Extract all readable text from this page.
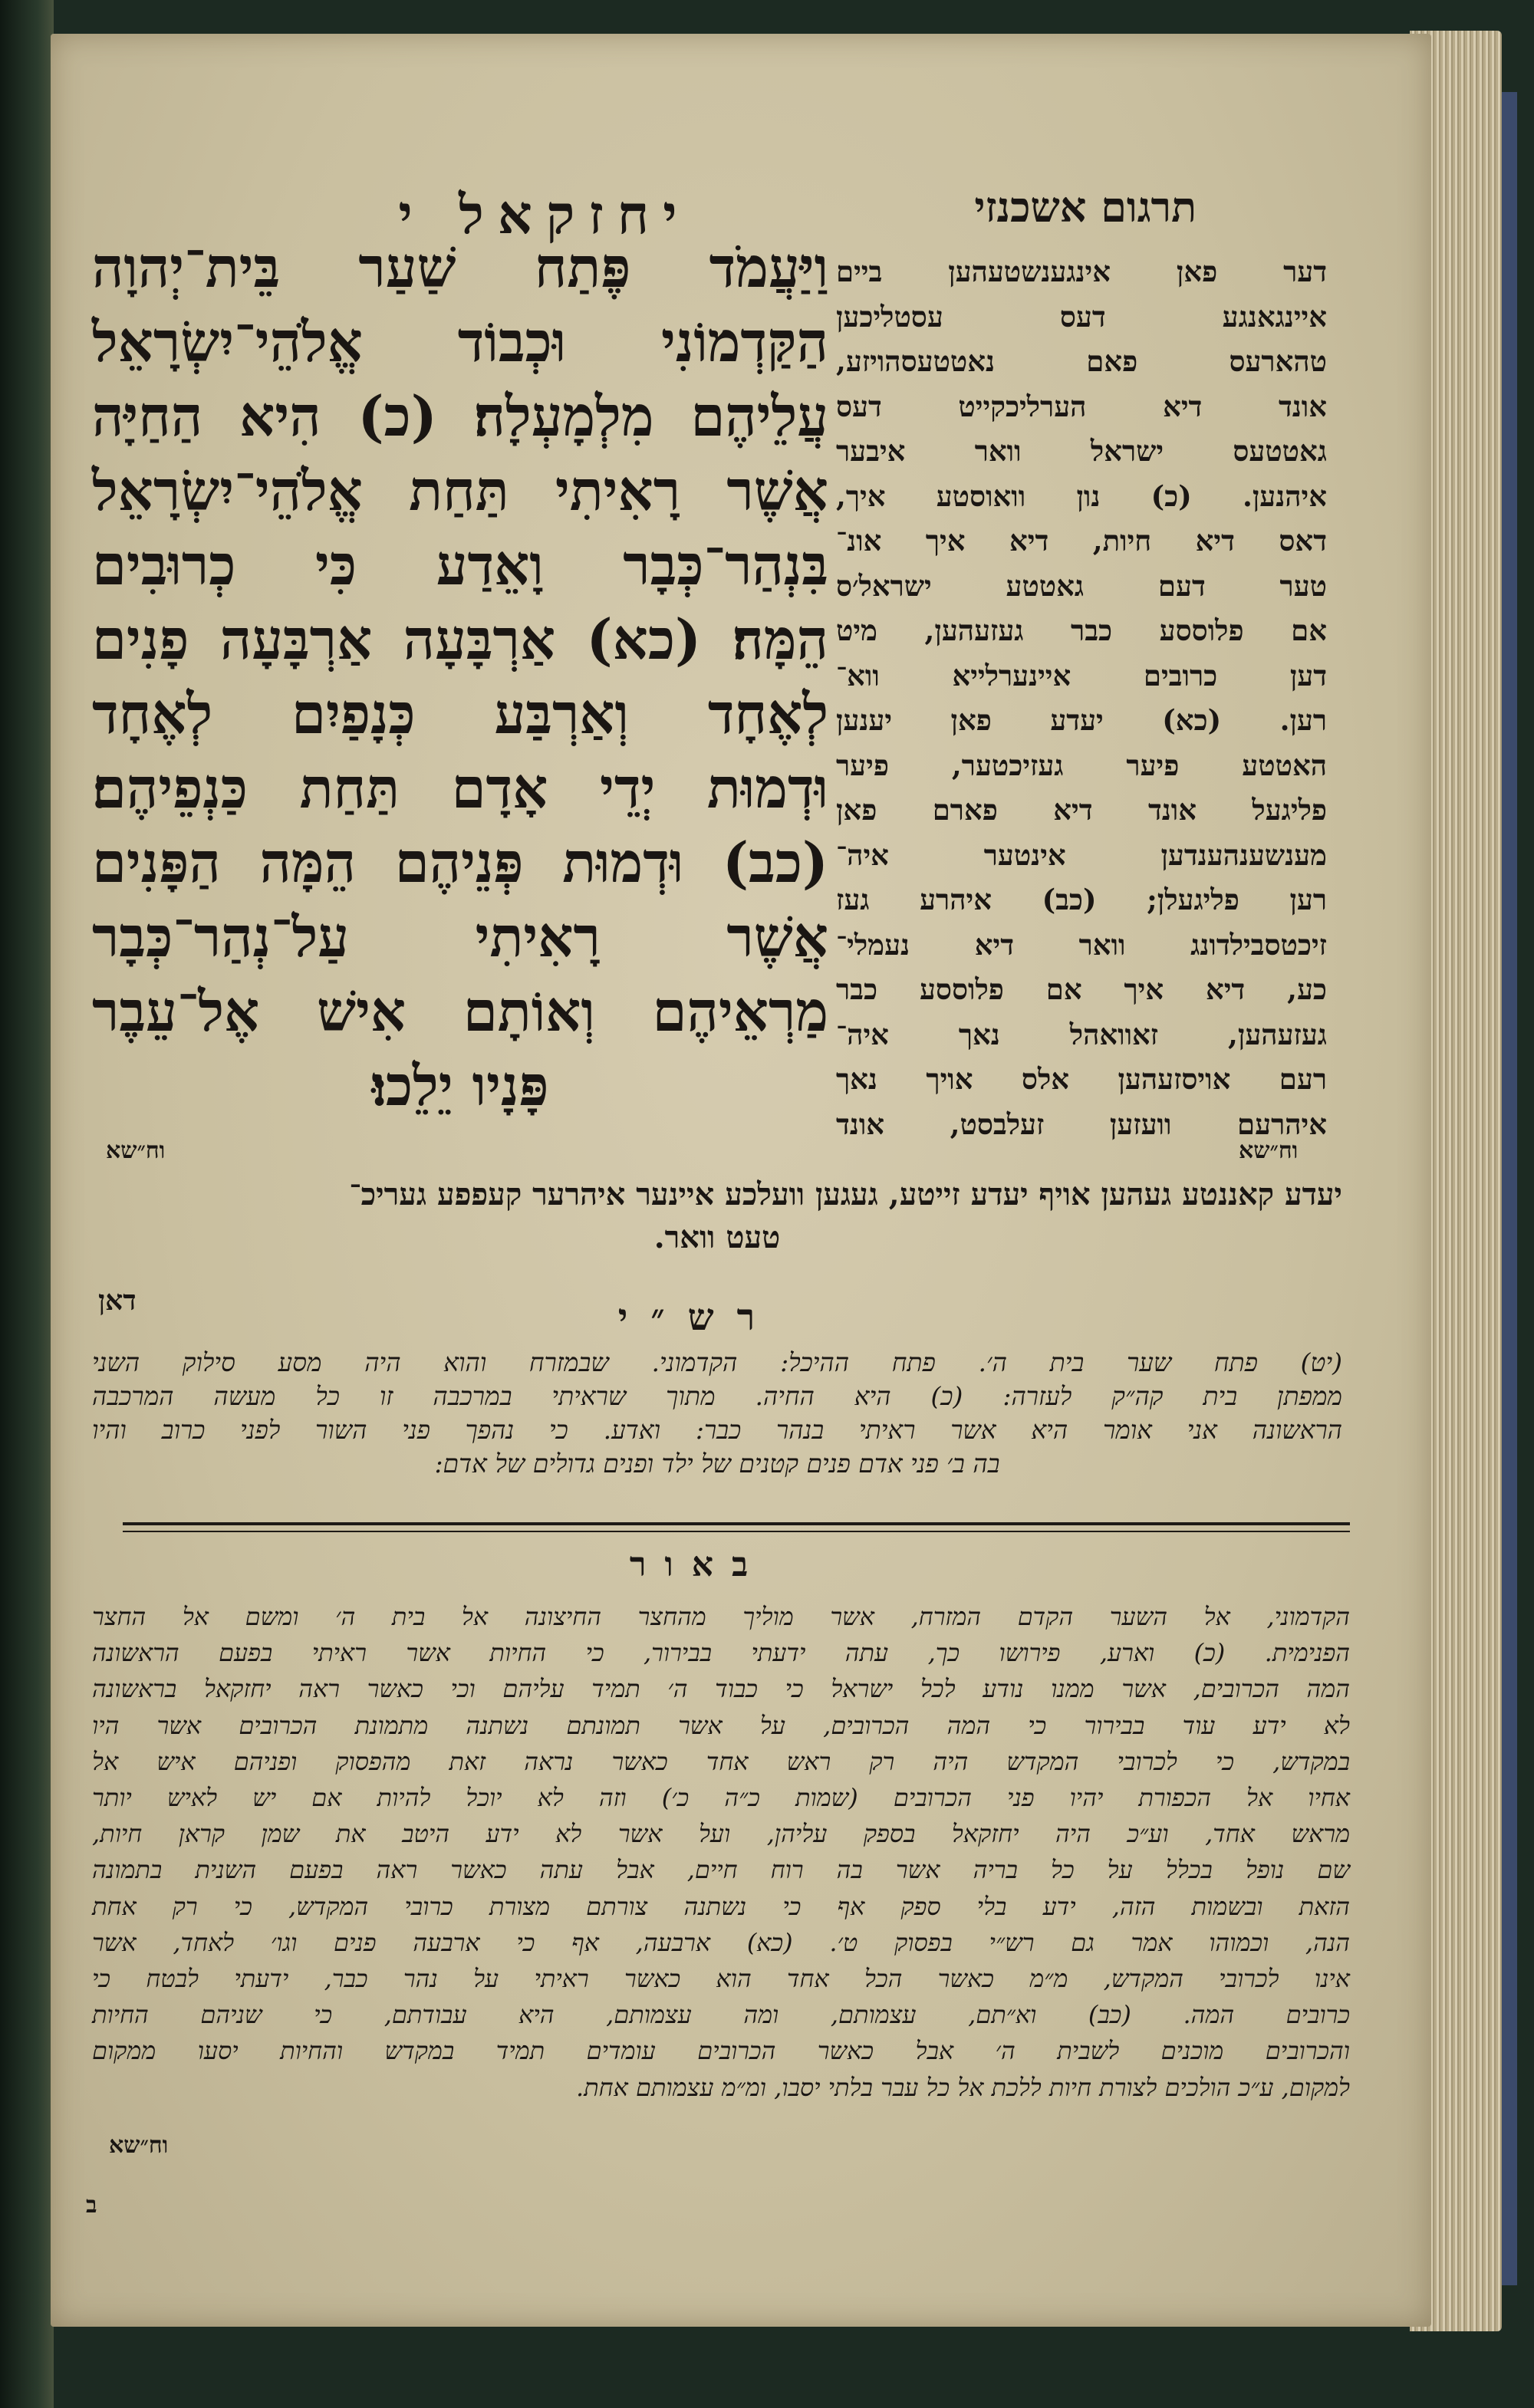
תרגום אשכנזי
יחזקאל י
וַיַּעֲמֹד פֶּתַח שַׁעַר בֵּית־יְהוָה
הַקַּדְמוֹנִי וּכְבוֹד אֱלֹהֵי־יִשְׂרָאֵל
עֲלֵיהֶם מִלְמָעְלָה׃ (כ) הִיא הַחַיָּה
אֲשֶׁר רָאִיתִי תַּחַת אֱלֹהֵי־יִשְׂרָאֵל
בִּנְהַר־כְּבָר וָאֵדַע כִּי כְרוּבִים
הֵמָּה׃ (כא) אַרְבָּעָה אַרְבָּעָה פָנִים
לְאֶחָד וְאַרְבַּע כְּנָפַיִם לְאֶחָד
וּדְמוּת יְדֵי אָדָם תַּחַת כַּנְפֵיהֶם׃
(כב) וּדְמוּת פְּנֵיהֶם הֵמָּה הַפָּנִים
אֲשֶׁר רָאִיתִי עַל־נְהַר־כְּבָר
מַרְאֵיהֶם וְאוֹתָם אִישׁ אֶל־עֵבֶר
פָּנָיו יֵלֵכוּ׃
דער פאן אינגענשטעהען ביים
איינגאנגע דעס עסטליכען
טהארעס פאם נאטטעסהויזע,
אונד דיא הערליכקייט דעס
גאטטעס ישראל וואר איבער
איהנען. (כ) נון וואוסטע איך,
דאס דיא חיות, דיא איך אונ־
טער דעם גאטטע ישראל׳ס
אם פלוססע כבר געזעהען, מיט
דען כרובים איינערלייא ווא־
רען. (כא) יעדע פאן יענען
האטטע פיער געזיכטער, פיער
פליגעל אונד דיא פארם פאן
מענשענהענדען אינטער איה־
רען פליגעלן; (כב) איהרע געז
זיכטסבילדונג וואר דיא נעמלי־
כע, דיא איך אם פלוססע כבר
געזעהען, זאוואהל נאך איה־
רעם אויסזעהען אלס אויך נאך
איהרעם וועזען זעלבסט, אונד
וח״שא	וח״שא
יעדע קאננטע געהען אויף יעדע זייטע, געגען וועלכע איינער איהרער קעפפע געריכ־
טעט וואר.
דאן	רש״י
(יט) פתח שער בית ה׳. פתח ההיכל: הקדמוני. שבמזרח והוא היה מסע סילוק השני
ממפתן בית קה״ק לעזרה: (כ) היא החיה. מתוך שראיתי במרכבה זו כל מעשה המרכבה
הראשונה אני אומר היא אשר ראיתי בנהר כבר: ואדע. כי נהפך פני השור לפני כרוב והיו
בה ב׳ פני אדם פנים קטנים של ילד ופנים גדולים של אדם:
באור
הקדמוני, אל השער הקדם המזרח, אשר מוליך מהחצר החיצונה אל בית ה׳ ומשם אל החצר
הפנימית. (כ) וארע, פירושו כך, עתה ידעתי בבירור, כי החיות אשר ראיתי בפעם הראשונה
המה הכרובים, אשר ממנו נודע לכל ישראל כי כבוד ה׳ תמיד עליהם וכי כאשר ראה יחזקאל בראשונה
לא ידע עוד בבירור כי המה הכרובים, על אשר תמונתם נשתנה מתמונת הכרובים אשר היו
במקדש, כי לכרובי המקדש היה רק ראש אחד כאשר נראה זאת מהפסוק ופניהם איש אל
אחיו אל הכפורת יהיו פני הכרובים (שמות כ״ה כ׳) וזה לא יוכל להיות אם יש לאיש יותר
מראש אחד, וע״כ היה יחזקאל בספק עליהן, ועל אשר לא ידע היטב את שמן קראן חיות,
שם נופל בכלל על כל בריה אשר בה רוח חיים, אבל עתה כאשר ראה בפעם השנית בתמונה
הזאת ובשמות הזה, ידע בלי ספק אף כי נשתנה צורתם מצורת כרובי המקדש, כי רק אחת
הנה, וכמוהו אמר גם רש״י בפסוק ט׳. (כא) ארבעה, אף כי ארבעה פנים וגו׳ לאחד, אשר
אינו לכרובי המקדש, מ״מ כאשר הכל אחד הוא כאשר ראיתי על נהר כבר, ידעתי לבטח כי
כרובים המה. (כב) וא״תם, עצמותם, ומה עצמותם, היא עבודתם, כי שניהם החיות
והכרובים מוכנים לשבית ה׳ אבל כאשר הכרובים עומדים תמיד במקדש והחיות יסעו ממקום
למקום, ע״כ הולכים לצורת חיות ללכת אל כל עבר בלתי יסבו, ומ״מ עצמותם אחת.
וח״שא
ב
